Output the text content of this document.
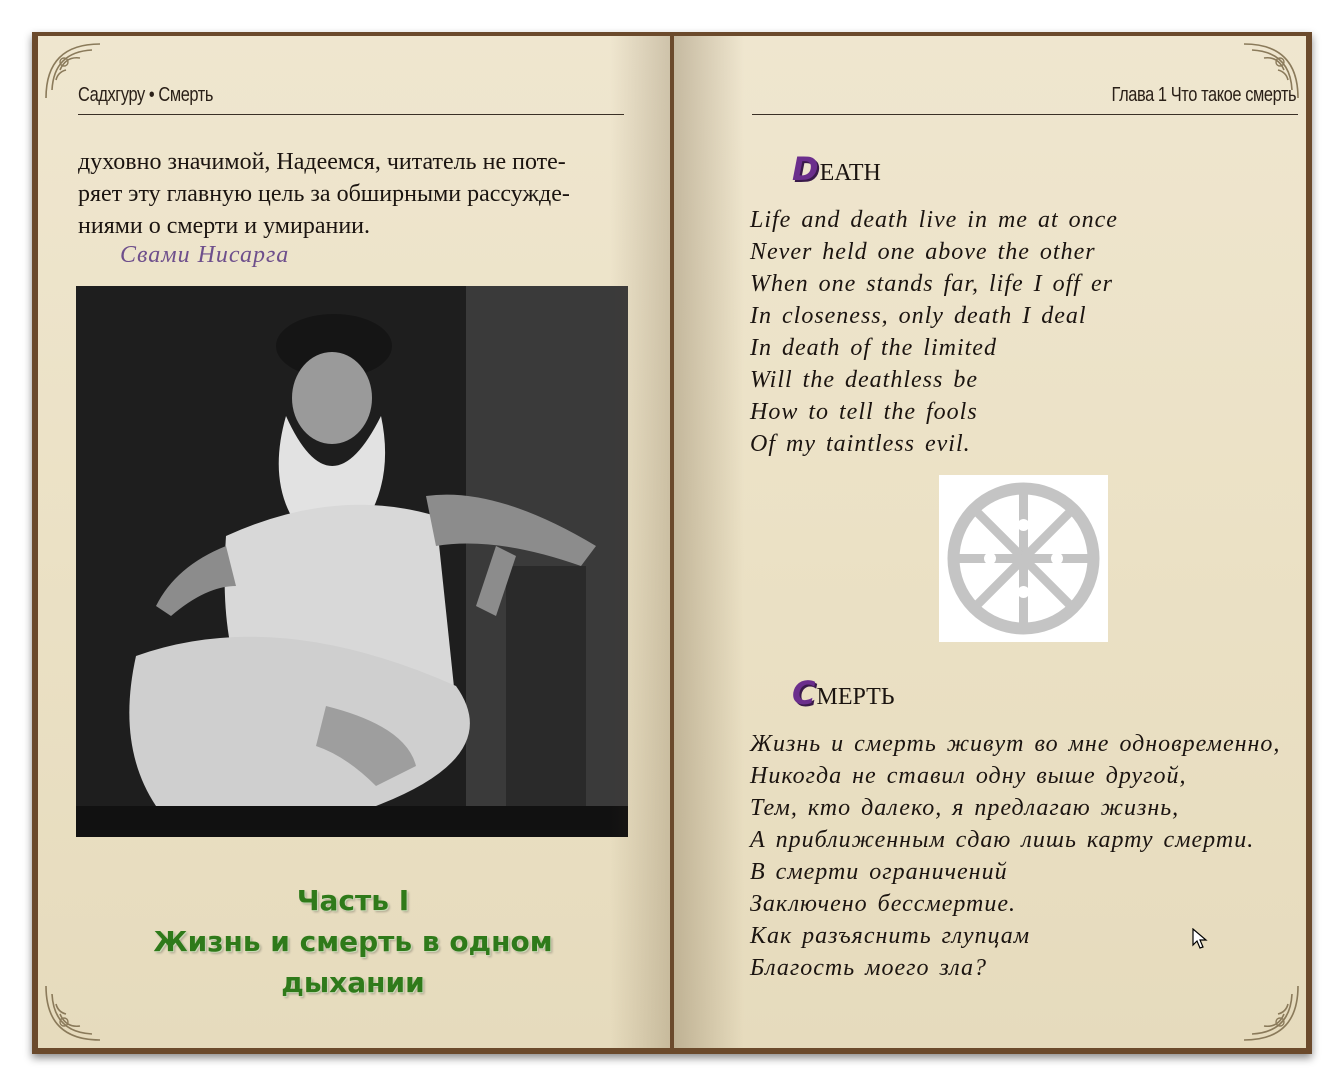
Садхгуру • Смерть

духовно значимой, Надеемся, читатель не поте-

ряет эту главную цель за обширными рассужде-

ниями о смерти и умирании.

Свами Нисарга
Часть I
Жизнь и смерть в одном
дыхании
Глава 1 Что такое смерть
DEATH
Life and death live in me at once
Never held one above the other
When one stands far, life I off er
In closeness, only death I deal
In death of the limited
Will the deathless be
How to tell the fools
Of my taintless evil.
СМЕРТЬ
Жизнь и смерть живут во мне одновременно,
Никогда не ставил одну выше другой,
Тем, кто далеко, я предлагаю жизнь,
А приближенным сдаю лишь карту смерти.
В смерти ограничений
Заключено бессмертие.
Как разъяснить глупцам
Благость моего зла?
